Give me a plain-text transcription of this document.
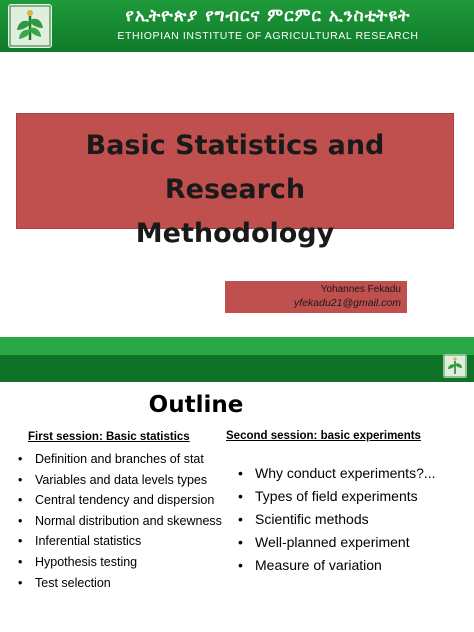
የኢትዮጵያ የግብርና ምርምር ኢንስቲትዩት
ETHIOPIAN INSTITUTE OF AGRICULTURAL RESEARCH
Basic Statistics and Research
Methodology
Yohannes Fekadu
yfekadu21@gmail.com
Outline
First session: Basic statistics	Second session: basic experiments
• Definition and branches of stat
• Variables and data levels types
• Central tendency and dispersion
• Normal distribution and skewness
• Inferential statistics
• Hypothesis testing
• Test selection
• Why conduct experiments?...
• Types of field experiments
• Scientific methods
• Well-planned experiment
• Measure of variation
